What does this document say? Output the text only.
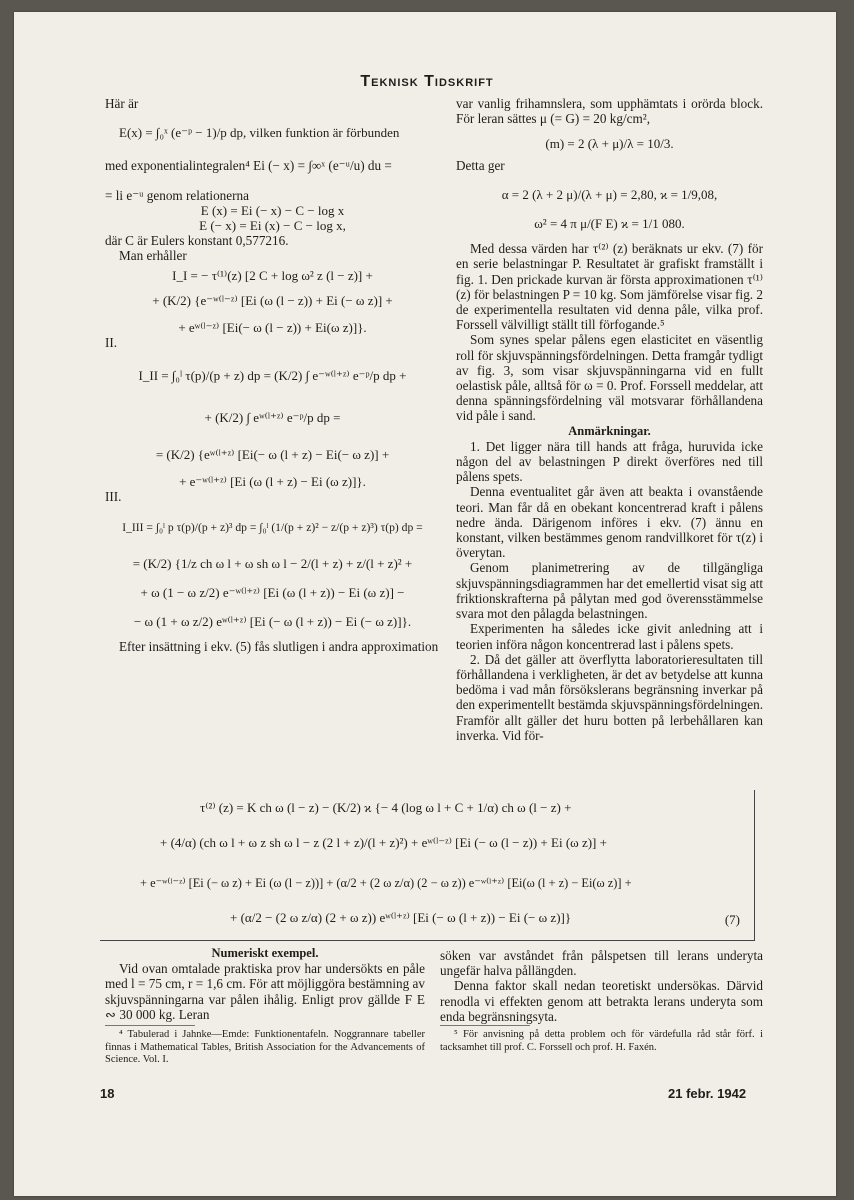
Teknisk Tidskrift

Här är

E(x) = ∫₀ˣ (e⁻ᵖ − 1)/p dp, vilken funktion är förbunden

med exponentialintegralen⁴ Ei (− x) = ∫∞ˣ (e⁻ᵘ/u) du =

= li e⁻ᵘ genom relationerna

E (x) = Ei (− x) − C − log x

E (− x) = Ei (x) − C − log x,

där C är Eulers konstant 0,577216.

Man erhåller

I_I = − τ⁽¹⁾(z) [2 C + log ω² z (l − z)] +

+ (K/2) {e⁻ʷ⁽ˡ⁻ᶻ⁾ [Ei (ω (l − z)) + Ei (− ω z)] +

+ eʷ⁽ˡ⁻ᶻ⁾ [Ei(− ω (l − z)) + Ei(ω z)]}.

II.

I_II = ∫₀ˡ τ(p)/(p + z) dp = (K/2) ∫ e⁻ʷ⁽ˡ⁺ᶻ⁾ e⁻ᵖ/p dp +

+ (K/2) ∫ eʷ⁽ˡ⁺ᶻ⁾ e⁻ᵖ/p dp =

= (K/2) {eʷ⁽ˡ⁺ᶻ⁾ [Ei(− ω (l + z) − Ei(− ω z)] +

+ e⁻ʷ⁽ˡ⁺ᶻ⁾ [Ei (ω (l + z) − Ei (ω z)]}.

III.

I_III = ∫₀ˡ p τ(p)/(p + z)³ dp = ∫₀ˡ (1/(p + z)² − z/(p + z)³) τ(p) dp =

= (K/2) {1/z ch ω l + ω sh ω l − 2/(l + z) + z/(l + z)² +

+ ω (1 − ω z/2) e⁻ʷ⁽ˡ⁺ᶻ⁾ [Ei (ω (l + z)) − Ei (ω z)] −

− ω (1 + ω z/2) eʷ⁽ˡ⁺ᶻ⁾ [Ei (− ω (l + z)) − Ei (− ω z)]}.

Efter insättning i ekv. (5) fås slutligen i andra approximation

var vanlig frihamnslera, som upphämtats i orörda block. För leran sättes μ (= G) = 20 kg/cm²,

(m) = 2 (λ + μ)/λ = 10/3.

Detta ger

α = 2 (λ + 2 μ)/(λ + μ) = 2,80, ϰ = 1/9,08,

ω² = 4 π μ/(F E) ϰ = 1/1 080.

Med dessa värden har τ⁽²⁾ (z) beräknats ur ekv. (7) för en serie belastningar P. Resultatet är grafiskt framställt i fig. 1. Den prickade kurvan är första approximationen τ⁽¹⁾ (z) för belastningen P = 10 kg. Som jämförelse visar fig. 2 de experimentella resultaten vid denna påle, vilka prof. Forssell välvilligt ställt till förfogande.⁵

Som synes spelar pålens egen elasticitet en väsentlig roll för skjuvspänningsfördelningen. Detta framgår tydligt av fig. 3, som visar skjuvspänningarna vid en fullt oelastisk påle, alltså för ω = 0. Prof. Forssell meddelar, att denna spänningsfördelning väl motsvarar förhållandena vid påle i sand.

Anmärkningar.

1. Det ligger nära till hands att fråga, huruvida icke någon del av belastningen P direkt överföres ned till pålens spets.

Denna eventualitet går även att beakta i ovanstående teori. Man får då en obekant koncentrerad kraft i pålens nedre ända. Därigenom införes i ekv. (7) ännu en konstant, vilken bestämmes genom randvillkoret för τ(z) i överytan.

Genom planimetrering av de tillgängliga skjuvspänningsdiagrammen har det emellertid visat sig att friktionskrafterna på pålytan med god överensstämmelse svara mot den pålagda belastningen.

Experimenten ha således icke givit anledning att i teorien införa någon koncentrerad last i pålens spets.

2. Då det gäller att överflytta laboratorieresultaten till förhållandena i verkligheten, är det av betydelse att kunna bedöma i vad mån försökslerans begränsning inverkar på den experimentellt bestämda skjuvspänningsfördelningen. Framför allt gäller det huru botten på lerbehållaren kan inverka. Vid för-

τ⁽²⁾ (z) = K ch ω (l − z) − (K/2) ϰ {− 4 (log ω l + C + 1/α) ch ω (l − z) +
+ (4/α) (ch ω l + ω z sh ω l − z (2 l + z)/(l + z)²) + eʷ⁽ˡ⁻ᶻ⁾ [Ei (− ω (l − z)) + Ei (ω z)] +
+ e⁻ʷ⁽ˡ⁻ᶻ⁾ [Ei (− ω z) + Ei (ω (l − z))] + (α/2 + (2 ω z/α) (2 − ω z)) e⁻ʷ⁽ˡ⁺ᶻ⁾ [Ei(ω (l + z) − Ei(ω z)] +
+ (α/2 − (2 ω z/α) (2 + ω z)) eʷ⁽ˡ⁺ᶻ⁾ [Ei (− ω (l + z)) − Ei (− ω z)]}	(7)

Numeriskt exempel.

Vid ovan omtalade praktiska prov har undersökts en påle med l = 75 cm, r = 1,6 cm. För att möjliggöra bestämning av skjuvspänningarna var pålen ihålig. Enligt prov gällde F E ∾ 30 000 kg. Leran

⁴ Tabulerad i Jahnke—Emde: Funktionentafeln. Noggrannare tabeller finnas i Mathematical Tables, British Association for the Advancements of Science. Vol. I.

söken var avståndet från pålspetsen till lerans underyta ungefär halva pållängden.

Denna faktor skall nedan teoretiskt undersökas. Därvid renodla vi effekten genom att betrakta lerans underyta som enda begränsningsyta.

⁵ För anvisning på detta problem och för värdefulla råd står förf. i tacksamhet till prof. C. Forssell och prof. H. Faxén.

18	21 febr. 1942
